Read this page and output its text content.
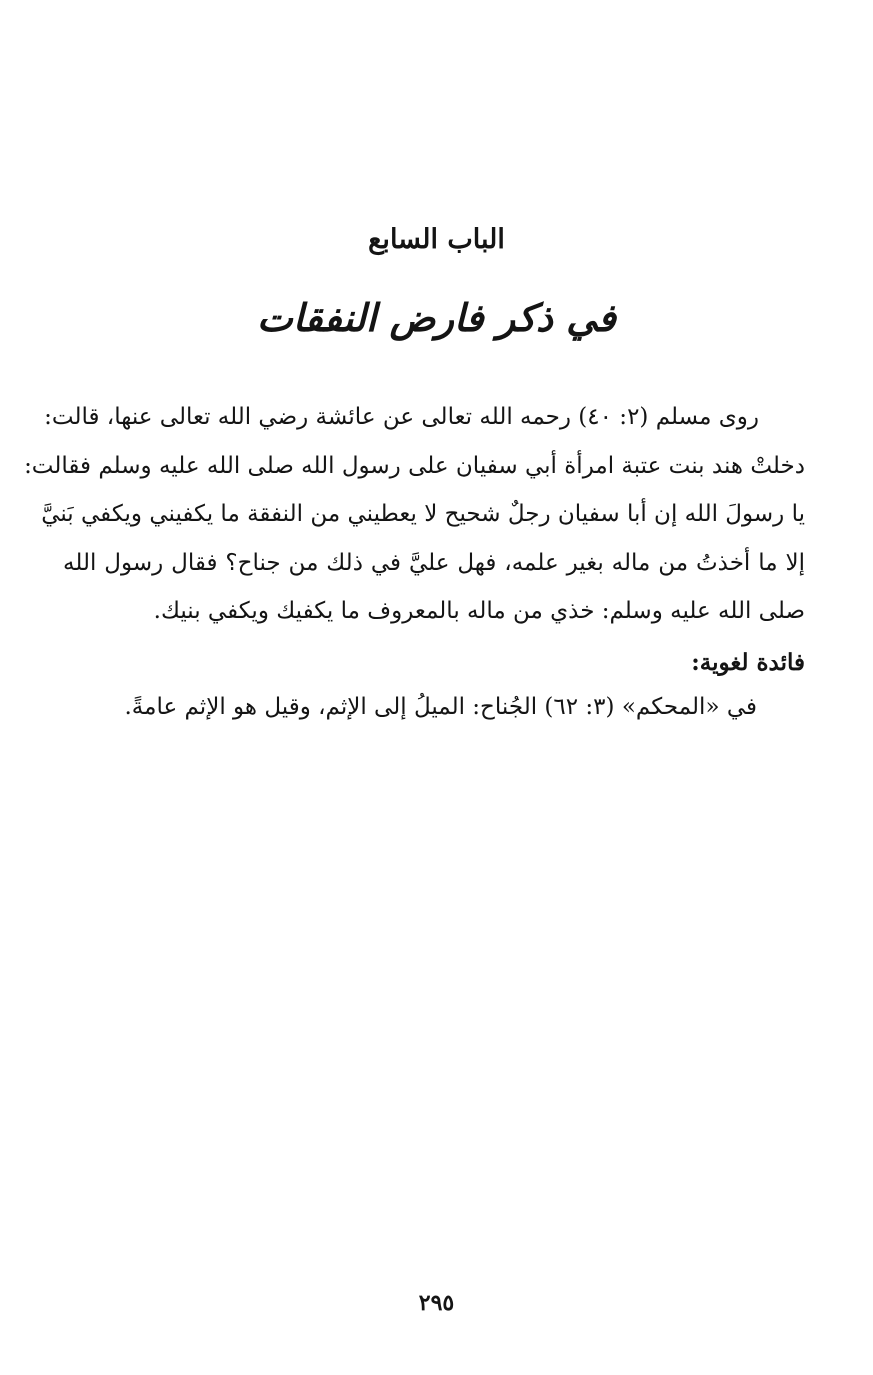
الباب السابع
في ذكر فارض النفقات
روى مسلم (٢: ٤٠) رحمه الله تعالى عن عائشة رضي الله تعالى عنها، قالت:
دخلتْ هند بنت عتبة امرأة أبي سفيان على رسول الله صلى الله عليه وسلم فقالت:
يا رسولَ الله إن أبا سفيان رجلٌ شحيح لا يعطيني من النفقة ما يكفيني ويكفي بَنيَّ
إلا ما أخذتُ من ماله بغير علمه، فهل عليَّ في ذلك من جناح؟ فقال رسول الله
صلى الله عليه وسلم: خذي من ماله بالمعروف ما يكفيك ويكفي بنيك.
فائدة لغوية:
في «المحكم» (٣: ٦٢) الجُناح: الميلُ إلى الإثم، وقيل هو الإثم عامةً.
٢٩٥
